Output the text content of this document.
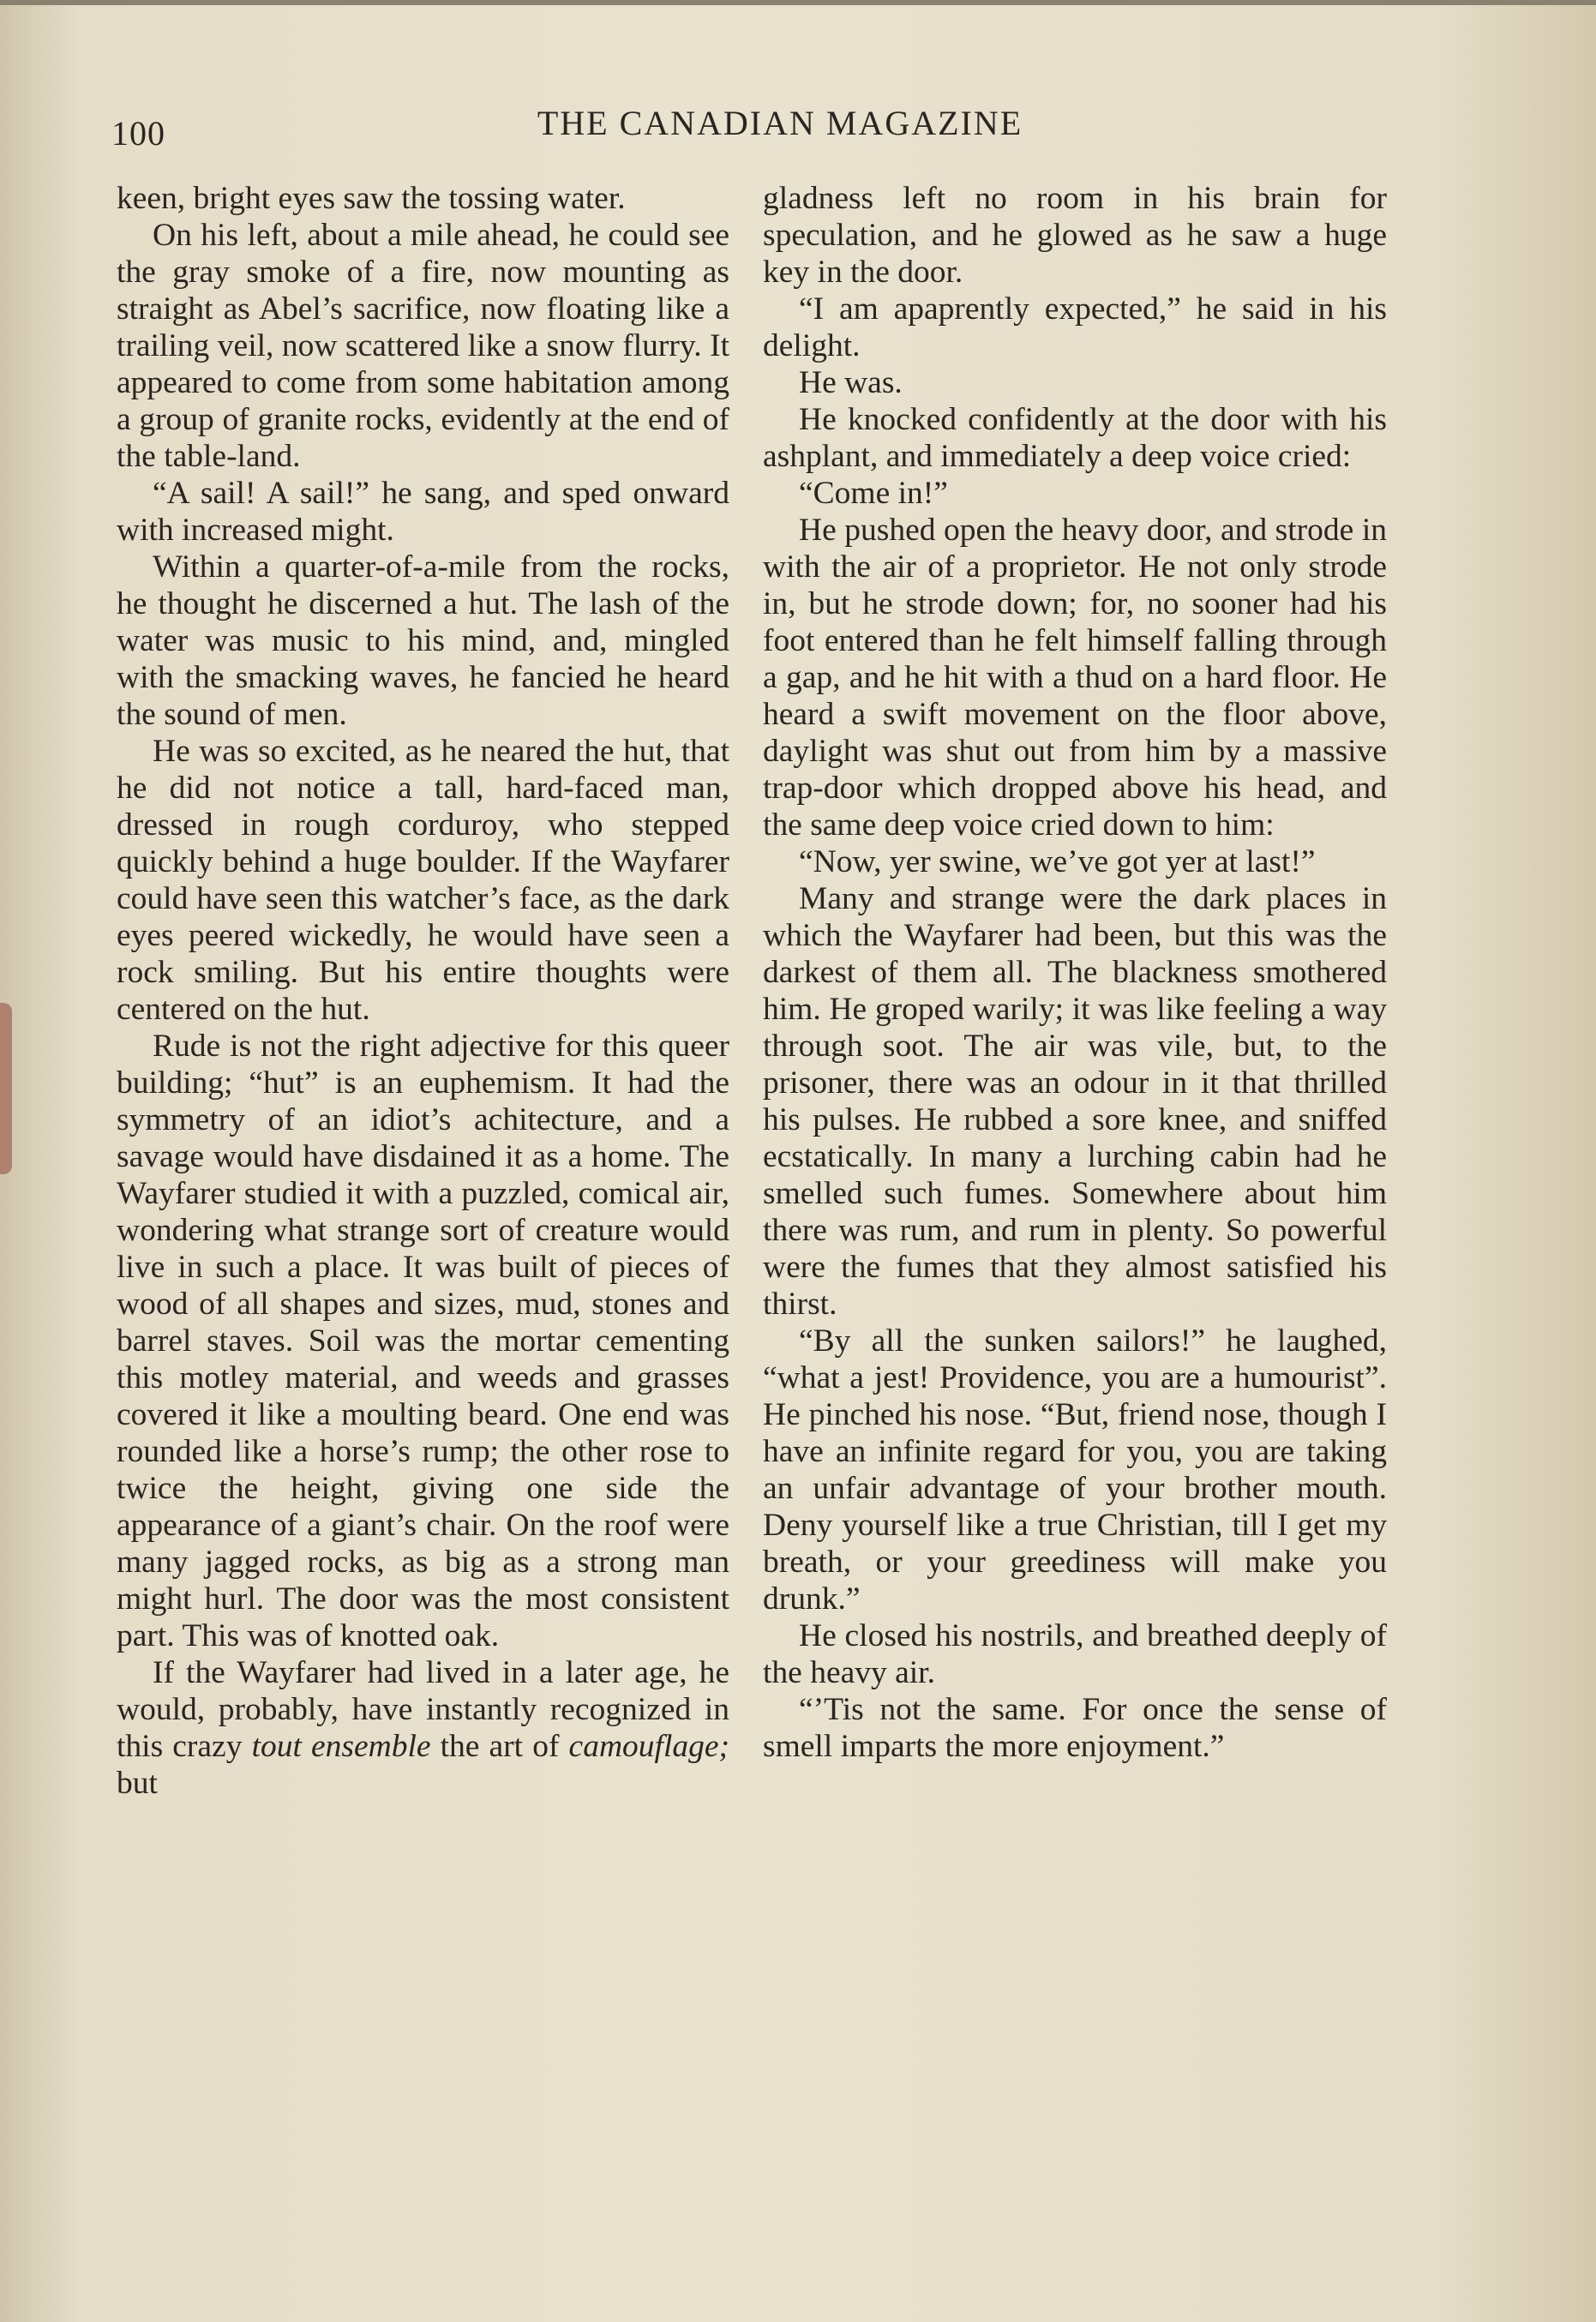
100	THE CANADIAN MAGAZINE

keen, bright eyes saw the tossing water.

On his left, about a mile ahead, he could see the gray smoke of a fire, now mounting as straight as Abel’s sacrifice, now floating like a trailing veil, now scattered like a snow flurry. It appeared to come from some habitation among a group of granite rocks, evidently at the end of the table-land.

“A sail! A sail!” he sang, and sped onward with increased might.

Within a quarter-of-a-mile from the rocks, he thought he discerned a hut. The lash of the water was music to his mind, and, mingled with the smacking waves, he fancied he heard the sound of men.

He was so excited, as he neared the hut, that he did not notice a tall, hard-faced man, dressed in rough corduroy, who stepped quickly behind a huge boulder. If the Wayfarer could have seen this watcher’s face, as the dark eyes peered wickedly, he would have seen a rock smiling. But his entire thoughts were centered on the hut.

Rude is not the right adjective for this queer building; “hut” is an euphemism. It had the symmetry of an idiot’s achitecture, and a savage would have disdained it as a home. The Wayfarer studied it with a puzzled, comical air, wondering what strange sort of creature would live in such a place. It was built of pieces of wood of all shapes and sizes, mud, stones and barrel staves. Soil was the mortar cementing this motley material, and weeds and grasses covered it like a moulting beard. One end was rounded like a horse’s rump; the other rose to twice the height, giving one side the appearance of a giant’s chair. On the roof were many jagged rocks, as big as a strong man might hurl. The door was the most consistent part. This was of knotted oak.

If the Wayfarer had lived in a later age, he would, probably, have instantly recognized in this crazy tout ensemble the art of camouflage; but

gladness left no room in his brain for speculation, and he glowed as he saw a huge key in the door.

“I am apaprently expected,” he said in his delight.

He was.

He knocked confidently at the door with his ashplant, and immediately a deep voice cried:

“Come in!”

He pushed open the heavy door, and strode in with the air of a proprietor. He not only strode in, but he strode down; for, no sooner had his foot entered than he felt himself falling through a gap, and he hit with a thud on a hard floor. He heard a swift movement on the floor above, daylight was shut out from him by a massive trap-door which dropped above his head, and the same deep voice cried down to him:

“Now, yer swine, we’ve got yer at last!”

Many and strange were the dark places in which the Wayfarer had been, but this was the darkest of them all. The blackness smothered him. He groped warily; it was like feeling a way through soot. The air was vile, but, to the prisoner, there was an odour in it that thrilled his pulses. He rubbed a sore knee, and sniffed ecstatically. In many a lurching cabin had he smelled such fumes. Somewhere about him there was rum, and rum in plenty. So powerful were the fumes that they almost satisfied his thirst.

“By all the sunken sailors!” he laughed, “what a jest! Providence, you are a humourist”. He pinched his nose. “But, friend nose, though I have an infinite regard for you, you are taking an unfair advantage of your brother mouth. Deny yourself like a true Christian, till I get my breath, or your greediness will make you drunk.”

He closed his nostrils, and breathed deeply of the heavy air.

“’Tis not the same. For once the sense of smell imparts the more enjoyment.”
